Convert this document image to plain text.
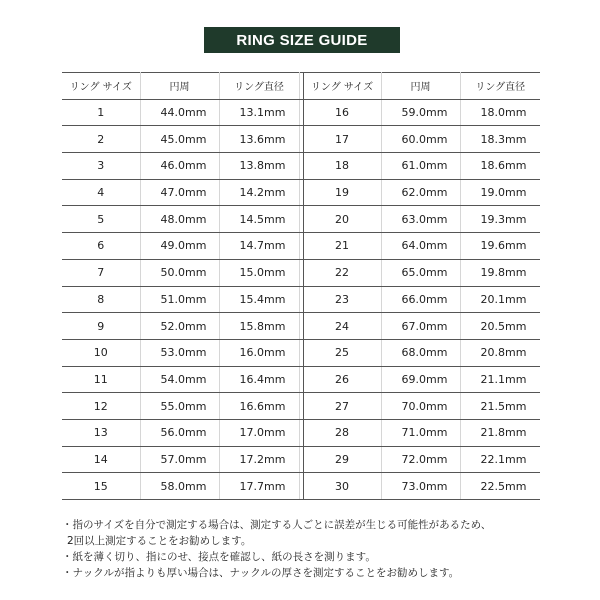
RING SIZE GUIDE
リング サイズ	円周	リング直径		リング サイズ	円周	リング直径
1	44.0mm	13.1mm		16	59.0mm	18.0mm
2	45.0mm	13.6mm		17	60.0mm	18.3mm
3	46.0mm	13.8mm		18	61.0mm	18.6mm
4	47.0mm	14.2mm		19	62.0mm	19.0mm
5	48.0mm	14.5mm		20	63.0mm	19.3mm
6	49.0mm	14.7mm		21	64.0mm	19.6mm
7	50.0mm	15.0mm		22	65.0mm	19.8mm
8	51.0mm	15.4mm		23	66.0mm	20.1mm
9	52.0mm	15.8mm		24	67.0mm	20.5mm
10	53.0mm	16.0mm		25	68.0mm	20.8mm
11	54.0mm	16.4mm		26	69.0mm	21.1mm
12	55.0mm	16.6mm		27	70.0mm	21.5mm
13	56.0mm	17.0mm		28	71.0mm	21.8mm
14	57.0mm	17.2mm		29	72.0mm	22.1mm
15	58.0mm	17.7mm		30	73.0mm	22.5mm
・指のサイズを自分で測定する場合は、測定する人ごとに誤差が生じる可能性があるため、
2回以上測定することをお勧めします。
・紙を薄く切り、指にのせ、接点を確認し、紙の長さを測ります。
・ナックルが指よりも厚い場合は、ナックルの厚さを測定することをお勧めします。
